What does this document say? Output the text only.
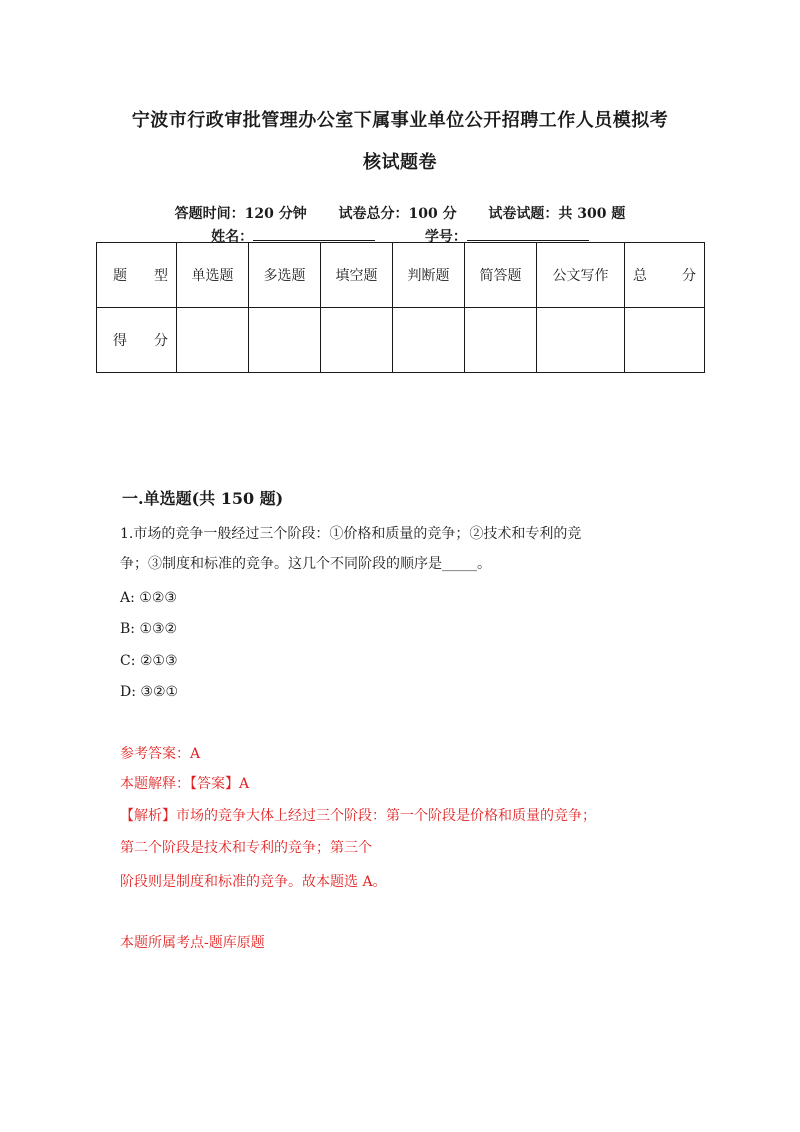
宁波市行政审批管理办公室下属事业单位公开招聘工作人员模拟考
核试题卷
答题时间：120 分钟 试卷总分：100 分 试卷试题：共 300 题
姓名：	学号：
题 型	单选题	多选题	填空题	判断题	简答题	公文写作	总 分

得 分							

一.单选题(共 150 题)
1.市场的竞争一般经过三个阶段：①价格和质量的竞争；②技术和专利的竞
争；③制度和标准的竞争。这几个不同阶段的顺序是_____。
A: ①②③
B: ①③②
C: ②①③
D: ③②①
参考答案：A
本题解释：【答案】A
【解析】市场的竞争大体上经过三个阶段：第一个阶段是价格和质量的竞争；
第二个阶段是技术和专利的竞争；第三个
阶段则是制度和标准的竞争。故本题选 A。
本题所属考点-题库原题
